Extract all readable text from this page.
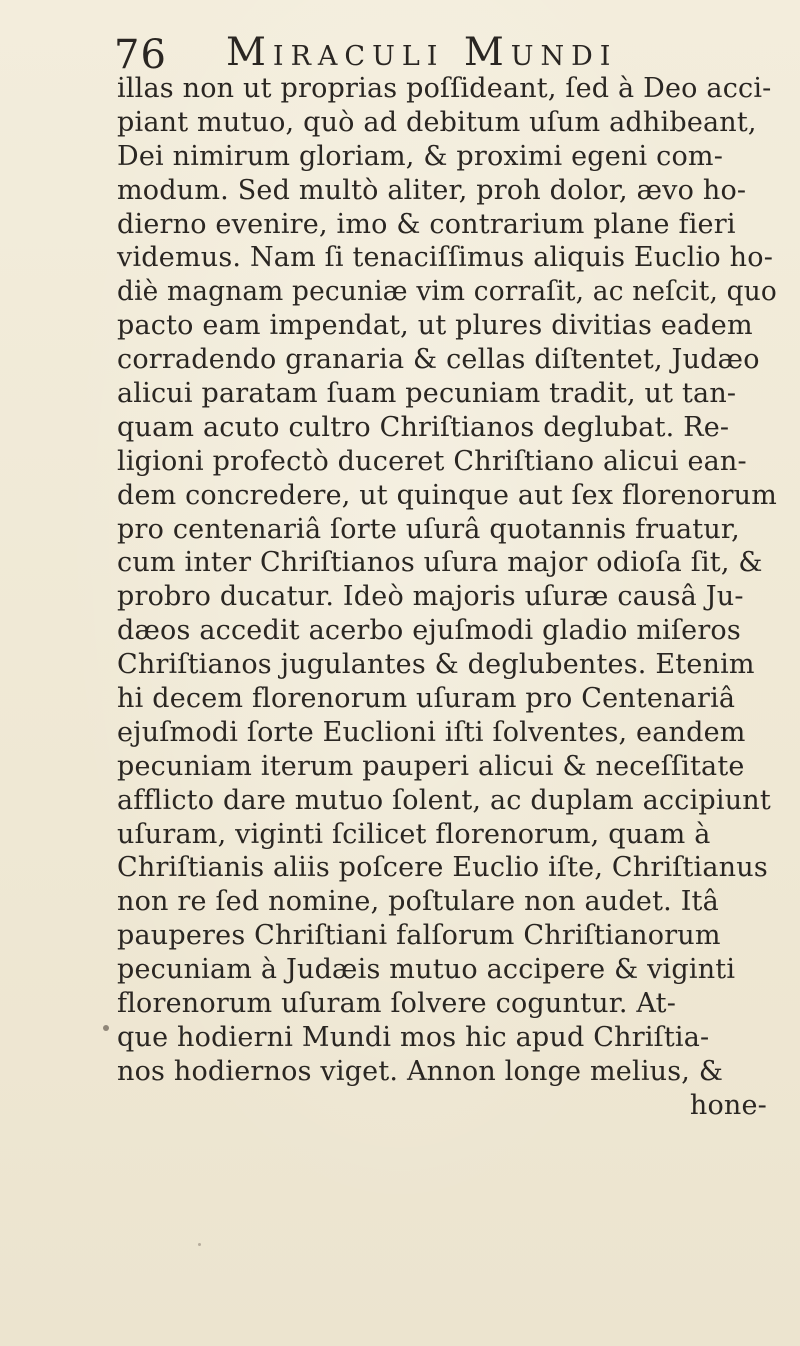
76 Miraculi Mundi
illas non ut proprias poſſideant, ſed à Deo acci-
piant mutuo, quò ad debitum uſum adhibeant,
Dei nimirum gloriam, & proximi egeni com-
modum. Sed multò aliter, proh dolor, ævo ho-
dierno evenire, imo & contrarium plane fieri
videmus. Nam ſi tenaciſſimus aliquis Euclio ho-
diè magnam pecuniæ vim corraſit, ac neſcit, quo
pacto eam impendat, ut plures divitias eadem
corradendo granaria & cellas diſtentet, Judæo
alicui paratam ſuam pecuniam tradit, ut tan-
quam acuto cultro Chriſtianos deglubat. Re-
ligioni profectò duceret Chriſtiano alicui ean-
dem concredere, ut quinque aut ſex florenorum
pro centenariâ ſorte uſurâ quotannis fruatur,
cum inter Chriſtianos uſura major odioſa ſit, &
probro ducatur. Ideò majoris uſuræ causâ Ju-
dæos accedit acerbo ejuſmodi gladio miſeros
Chriſtianos jugulantes & deglubentes. Etenim
hi decem florenorum uſuram pro Centenariâ
ejuſmodi ſorte Euclioni iſti ſolventes, eandem
pecuniam iterum pauperi alicui & neceſſitate
afflicto dare mutuo ſolent, ac duplam accipiunt
uſuram, viginti ſcilicet florenorum, quam à
Chriſtianis aliis poſcere Euclio iſte, Chriſtianus
non re ſed nomine, poſtulare non audet. Itâ
pauperes Chriſtiani falſorum Chriſtianorum
pecuniam à Judæis mutuo accipere & viginti
florenorum uſuram ſolvere coguntur. At-
que hodierni Mundi mos hic apud Chriſtia-
nos hodiernos viget. Annon longe melius, &
hone-
